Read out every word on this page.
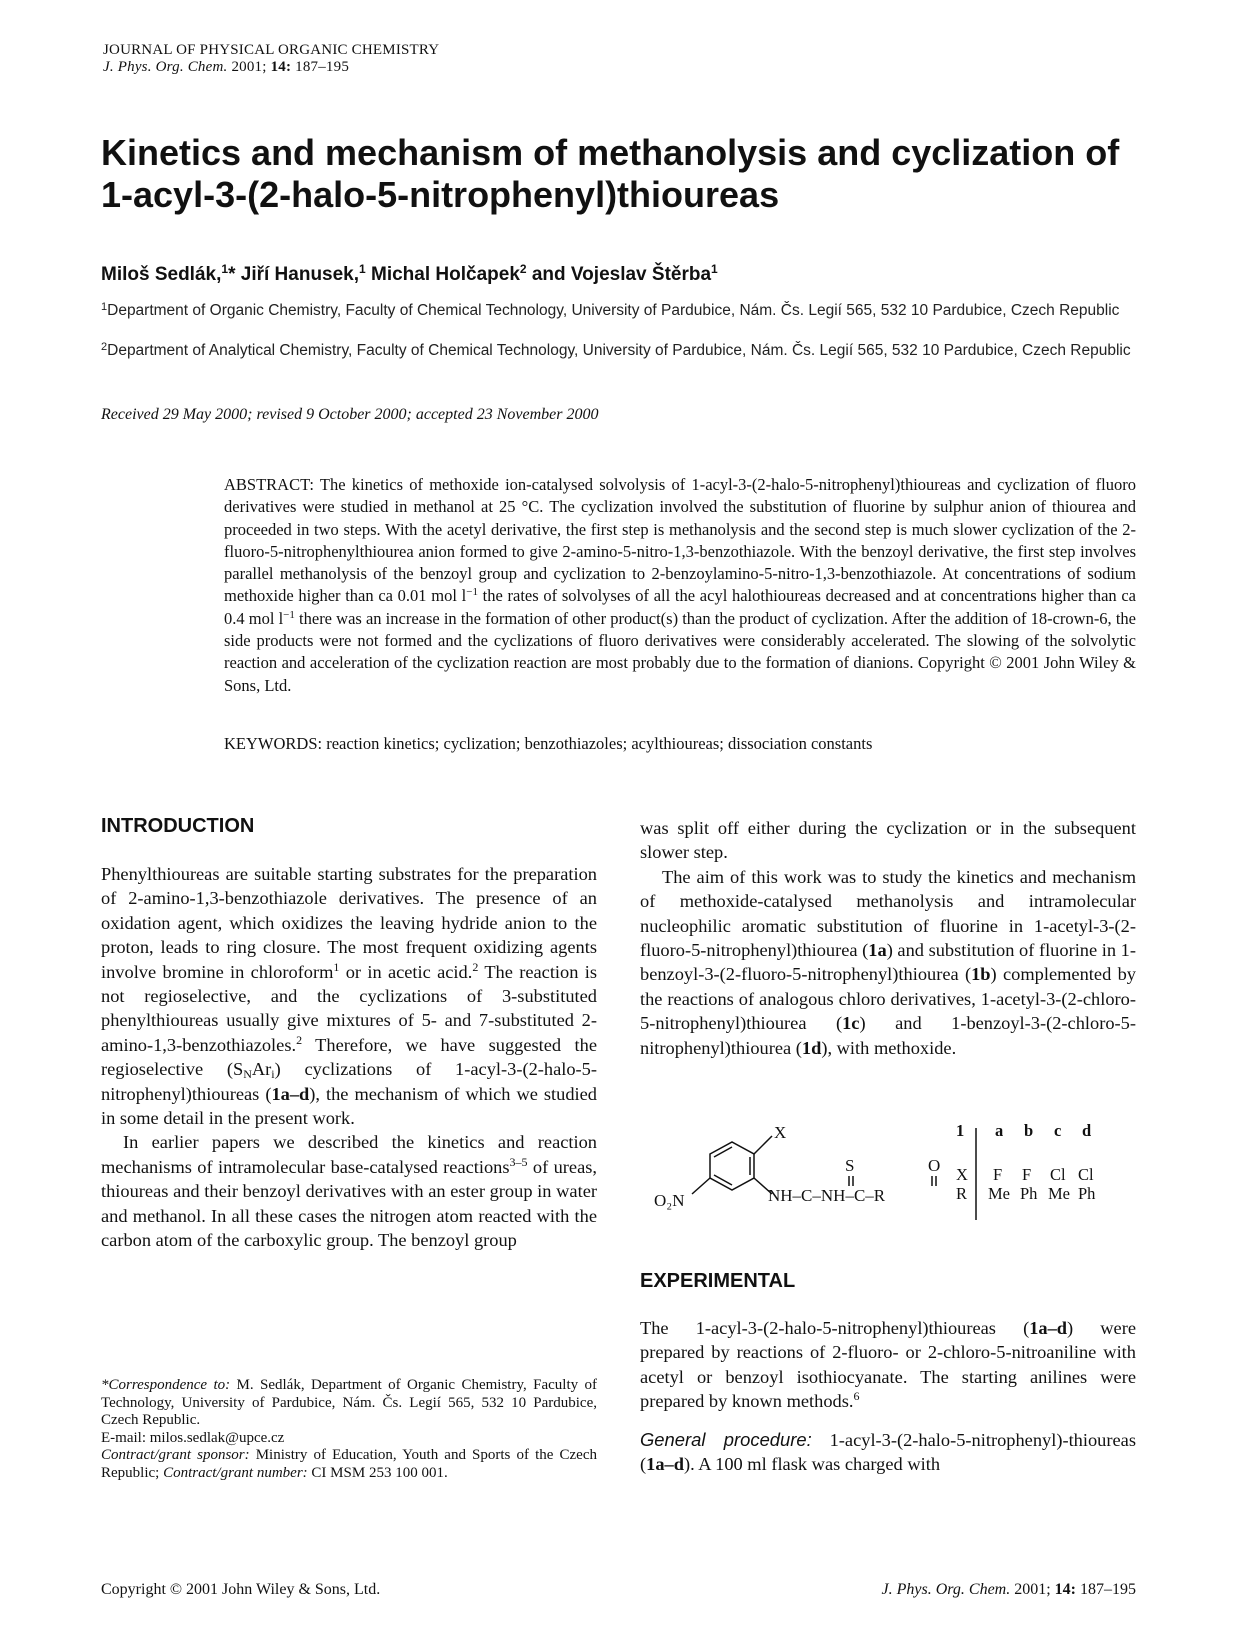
JOURNAL OF PHYSICAL ORGANIC CHEMISTRY
J. Phys. Org. Chem. 2001; 14: 187–195
Kinetics and mechanism of methanolysis and cyclization of
1-acyl-3-(2-halo-5-nitrophenyl)thioureas
Miloš Sedlák,$^1$* Jiří Hanusek,$^1$ Michal Holčapek$^2$ and Vojeslav Štěrba$^1$
$^1$Department of Organic Chemistry, Faculty of Chemical Technology, University of Pardubice, Nám. Čs. Legií 565, 532 10 Pardubice, Czech Republic
$^2$Department of Analytical Chemistry, Faculty of Chemical Technology, University of Pardubice, Nám. Čs. Legií 565, 532 10 Pardubice, Czech Republic
Received 29 May 2000; revised 9 October 2000; accepted 23 November 2000
ABSTRACT: The kinetics of methoxide ion-catalysed solvolysis of 1-acyl-3-(2-halo-5-nitrophenyl)thioureas and cyclization of fluoro derivatives were studied in methanol at 25 °C. The cyclization involved the substitution of fluorine by sulphur anion of thiourea and proceeded in two steps. With the acetyl derivative, the first step is methanolysis and the second step is much slower cyclization of the 2-fluoro-5-nitrophenylthiourea anion formed to give 2-amino-5-nitro-1,3-benzothiazole. With the benzoyl derivative, the first step involves parallel methanolysis of the benzoyl group and cyclization to 2-benzoylamino-5-nitro-1,3-benzothiazole. At concentrations of sodium methoxide higher than ca 0.01 mol $l^{-1}$ the rates of solvolyses of all the acyl halothioureas decreased and at concentrations higher than ca 0.4 mol $l^{-1}$ there was an increase in the formation of other product(s) than the product of cyclization. After the addition of 18-crown-6, the side products were not formed and the cyclizations of fluoro derivatives were considerably accelerated. The slowing of the solvolytic reaction and acceleration of the cyclization reaction are most probably due to the formation of dianions. Copyright © 2001 John Wiley & Sons, Ltd.
KEYWORDS: reaction kinetics; cyclization; benzothiazoles; acylthioureas; dissociation constants
INTRODUCTION

Phenylthioureas are suitable starting substrates for the preparation of 2-amino-1,3-benzothiazole derivatives. The presence of an oxidation agent, which oxidizes the leaving hydride anion to the proton, leads to ring closure. The most frequent oxidizing agents involve bromine in chloroform$^1$ or in acetic acid.$^2$ The reaction is not regioselective, and the cyclizations of 3-substituted phenylthioureas usually give mixtures of 5- and 7-substituted 2-amino-1,3-benzothiazoles.$^2$ Therefore, we have suggested the regioselective $(S_NAr_i)$ cyclizations of 1-acyl-3-(2-halo-5-nitrophenyl)thioureas (1a–d), the mechanism of which we studied in some detail in the present work.

In earlier papers we described the kinetics and reaction mechanisms of intramolecular base-catalysed reactions$^{3-5}$ of ureas, thioureas and their benzoyl derivatives with an ester group in water and methanol. In all these cases the nitrogen atom reacted with the carbon atom of the carboxylic group. The benzoyl group

*Correspondence to: M. Sedlák, Department of Organic Chemistry, Faculty of Technology, University of Pardubice, Nám. Čs. Legií 565, 532 10 Pardubice, Czech Republic.
E-mail: milos.sedlak@upce.cz
Contract/grant sponsor: Ministry of Education, Youth and Sports of the Czech Republic; Contract/grant number: CI MSM 253 100 001.

was split off either during the cyclization or in the subsequent slower step.

The aim of this work was to study the kinetics and mechanism of methoxide-catalysed methanolysis and intramolecular nucleophilic aromatic substitution of fluorine in 1-acetyl-3-(2-fluoro-5-nitrophenyl)thiourea (1a) and substitution of fluorine in 1-benzoyl-3-(2-fluoro-5-nitrophenyl)thiourea (1b) complemented by the reactions of analogous chloro derivatives, 1-acetyl-3-(2-chloro-5-nitrophenyl)thiourea (1c) and 1-benzoyl-3-(2-chloro-5-nitrophenyl)thiourea (1d), with methoxide.

X
O₂N	NH–C–NH–C–R
S	O
1 a b c d
X F F Cl Cl
R Me Ph Me Ph
EXPERIMENTAL

The 1-acyl-3-(2-halo-5-nitrophenyl)thioureas (1a–d) were prepared by reactions of 2-fluoro- or 2-chloro-5-nitroaniline with acetyl or benzoyl isothiocyanate. The starting anilines were prepared by known methods.$^6$

General procedure: 1-acyl-3-(2-halo-5-nitrophenyl)-thioureas (1a–d). A 100 ml flask was charged with

Copyright © 2001 John Wiley & Sons, Ltd.	J. Phys. Org. Chem. 2001; 14: 187–195
